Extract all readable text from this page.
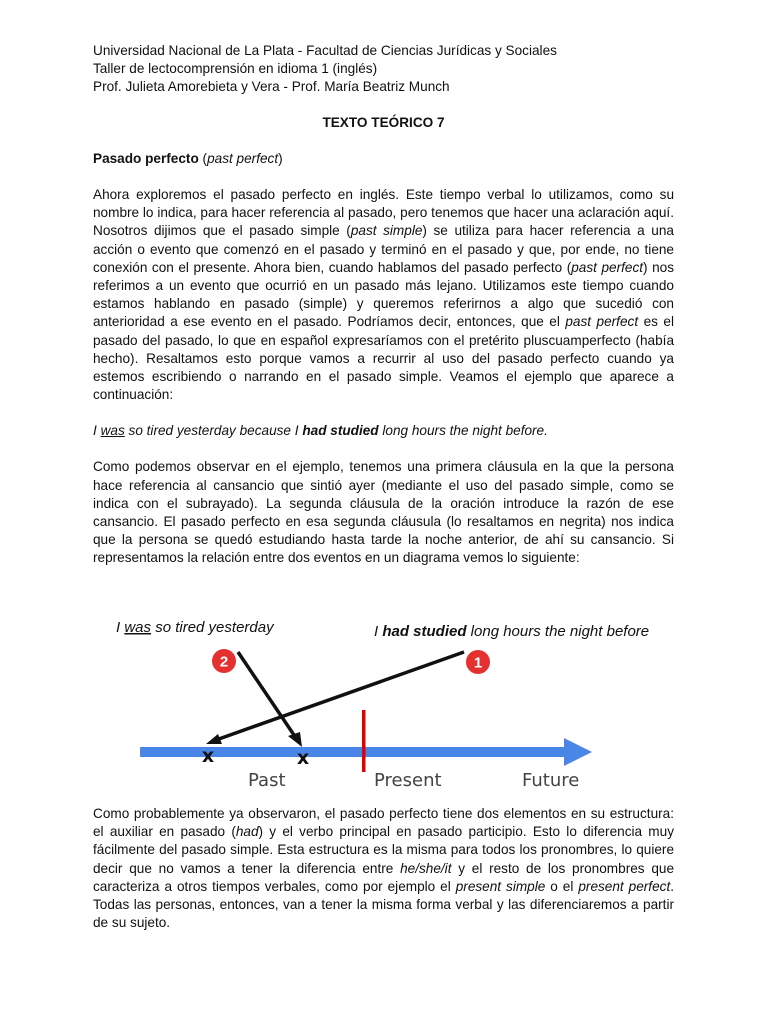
Universidad Nacional de La Plata - Facultad de Ciencias Jurídicas y Sociales
Taller de lectocomprensión en idioma 1 (inglés)
Prof. Julieta Amorebieta y Vera - Prof. María Beatriz Munch
TEXTO TEÓRICO 7
Pasado perfecto (past perfect)
Ahora exploremos el pasado perfecto en inglés. Este tiempo verbal lo utilizamos, como su nombre lo indica, para hacer referencia al pasado, pero tenemos que hacer una aclaración aquí. Nosotros dijimos que el pasado simple (past simple) se utiliza para hacer referencia a una acción o evento que comenzó en el pasado y terminó en el pasado y que, por ende, no tiene conexión con el presente. Ahora bien, cuando hablamos del pasado perfecto (past perfect) nos referimos a un evento que ocurrió en un pasado más lejano. Utilizamos este tiempo cuando estamos hablando en pasado (simple) y queremos referirnos a algo que sucedió con anterioridad a ese evento en el pasado. Podríamos decir, entonces, que el past perfect es el pasado del pasado, lo que en español expresaríamos con el pretérito pluscuamperfecto (había hecho). Resaltamos esto porque vamos a recurrir al uso del pasado perfecto cuando ya estemos escribiendo o narrando en el pasado simple. Veamos el ejemplo que aparece a continuación:
I was so tired yesterday because I had studied long hours the night before.
Como podemos observar en el ejemplo, tenemos una primera cláusula en la que la persona hace referencia al cansancio que sintió ayer (mediante el uso del pasado simple, como se indica con el subrayado). La segunda cláusula de la oración introduce la razón de ese cansancio. El pasado perfecto en esa segunda cláusula (lo resaltamos en negrita) nos indica que la persona se quedó estudiando hasta tarde la noche anterior, de ahí su cansancio. Si representamos la relación entre dos eventos en un diagrama vemos lo siguiente:
I was so tired yesterday	I had studied long hours the night before
2	1
x	x
Past	Present	Future
Como probablemente ya observaron, el pasado perfecto tiene dos elementos en su estructura: el auxiliar en pasado (had) y el verbo principal en pasado participio. Esto lo diferencia muy fácilmente del pasado simple. Esta estructura es la misma para todos los pronombres, lo quiere decir que no vamos a tener la diferencia entre he/she/it y el resto de los pronombres que caracteriza a otros tiempos verbales, como por ejemplo el present simple o el present perfect. Todas las personas, entonces, van a tener la misma forma verbal y las diferenciaremos a partir de su sujeto.
